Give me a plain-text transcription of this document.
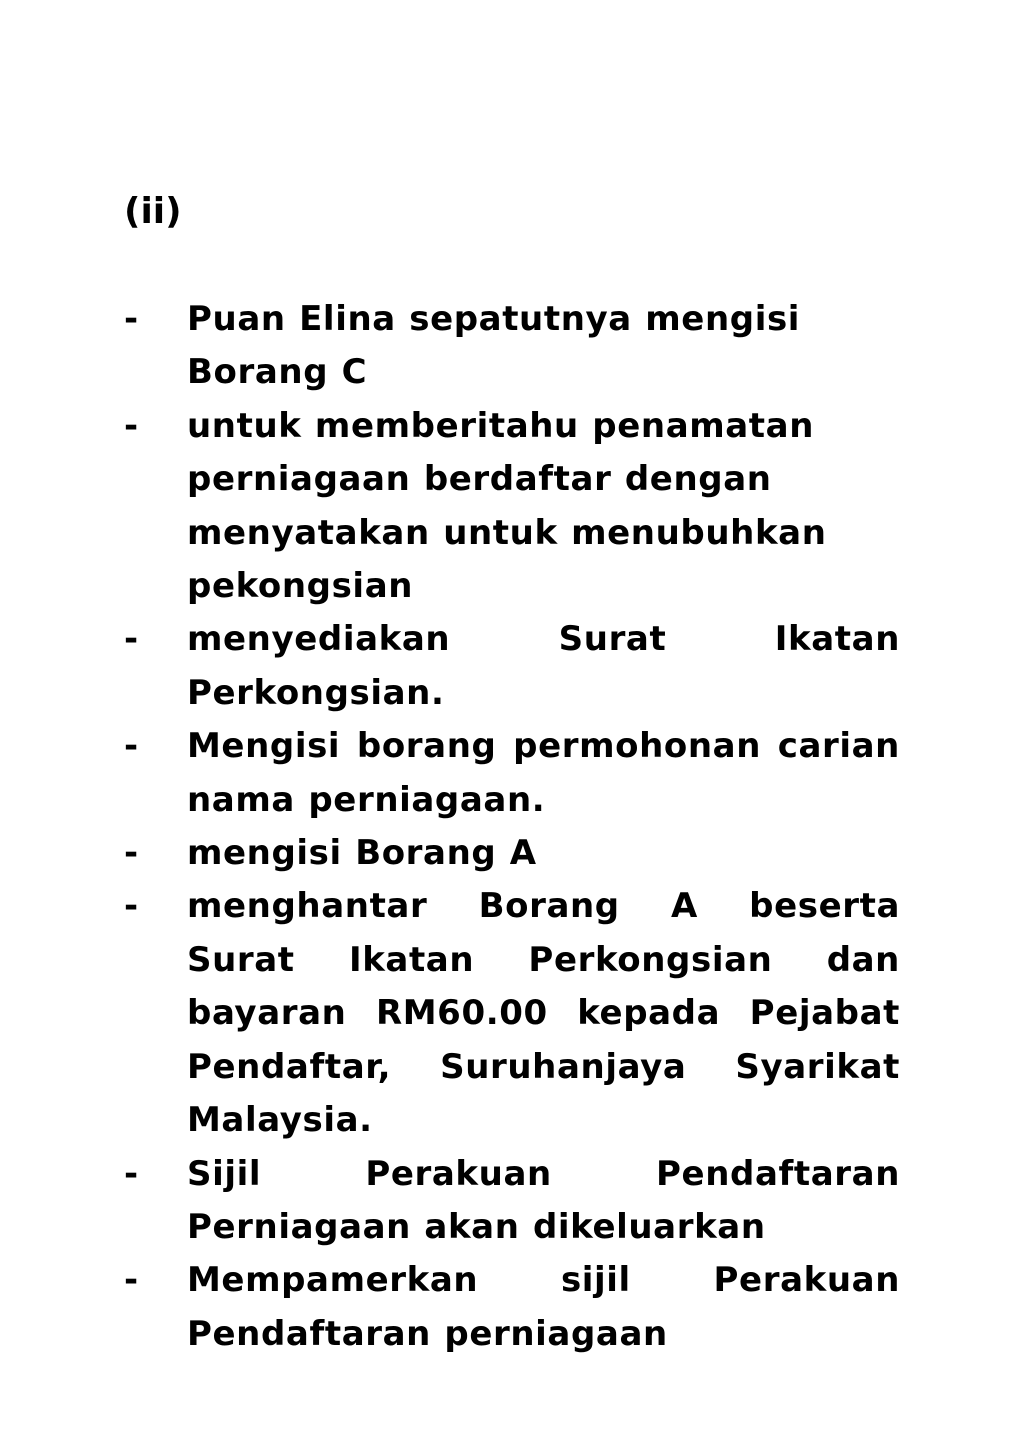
(ii)

-	Puan Elina sepatutnya mengisi Borang C
-	untuk memberitahu penamatan perniagaan berdaftar dengan menyatakan untuk menubuhkan pekongsian
-	menyediakan Surat Ikatan Perkongsian.
-	Mengisi borang permohonan carian nama perniagaan.
-	mengisi Borang A
-	menghantar Borang A beserta Surat Ikatan Perkongsian dan bayaran RM60.00 kepada Pejabat Pendaftar, Suruhanjaya Syarikat Malaysia.
-	Sijil Perakuan Pendaftaran Perniagaan akan dikeluarkan
-	Mempamerkan sijil Perakuan Pendaftaran perniagaan
